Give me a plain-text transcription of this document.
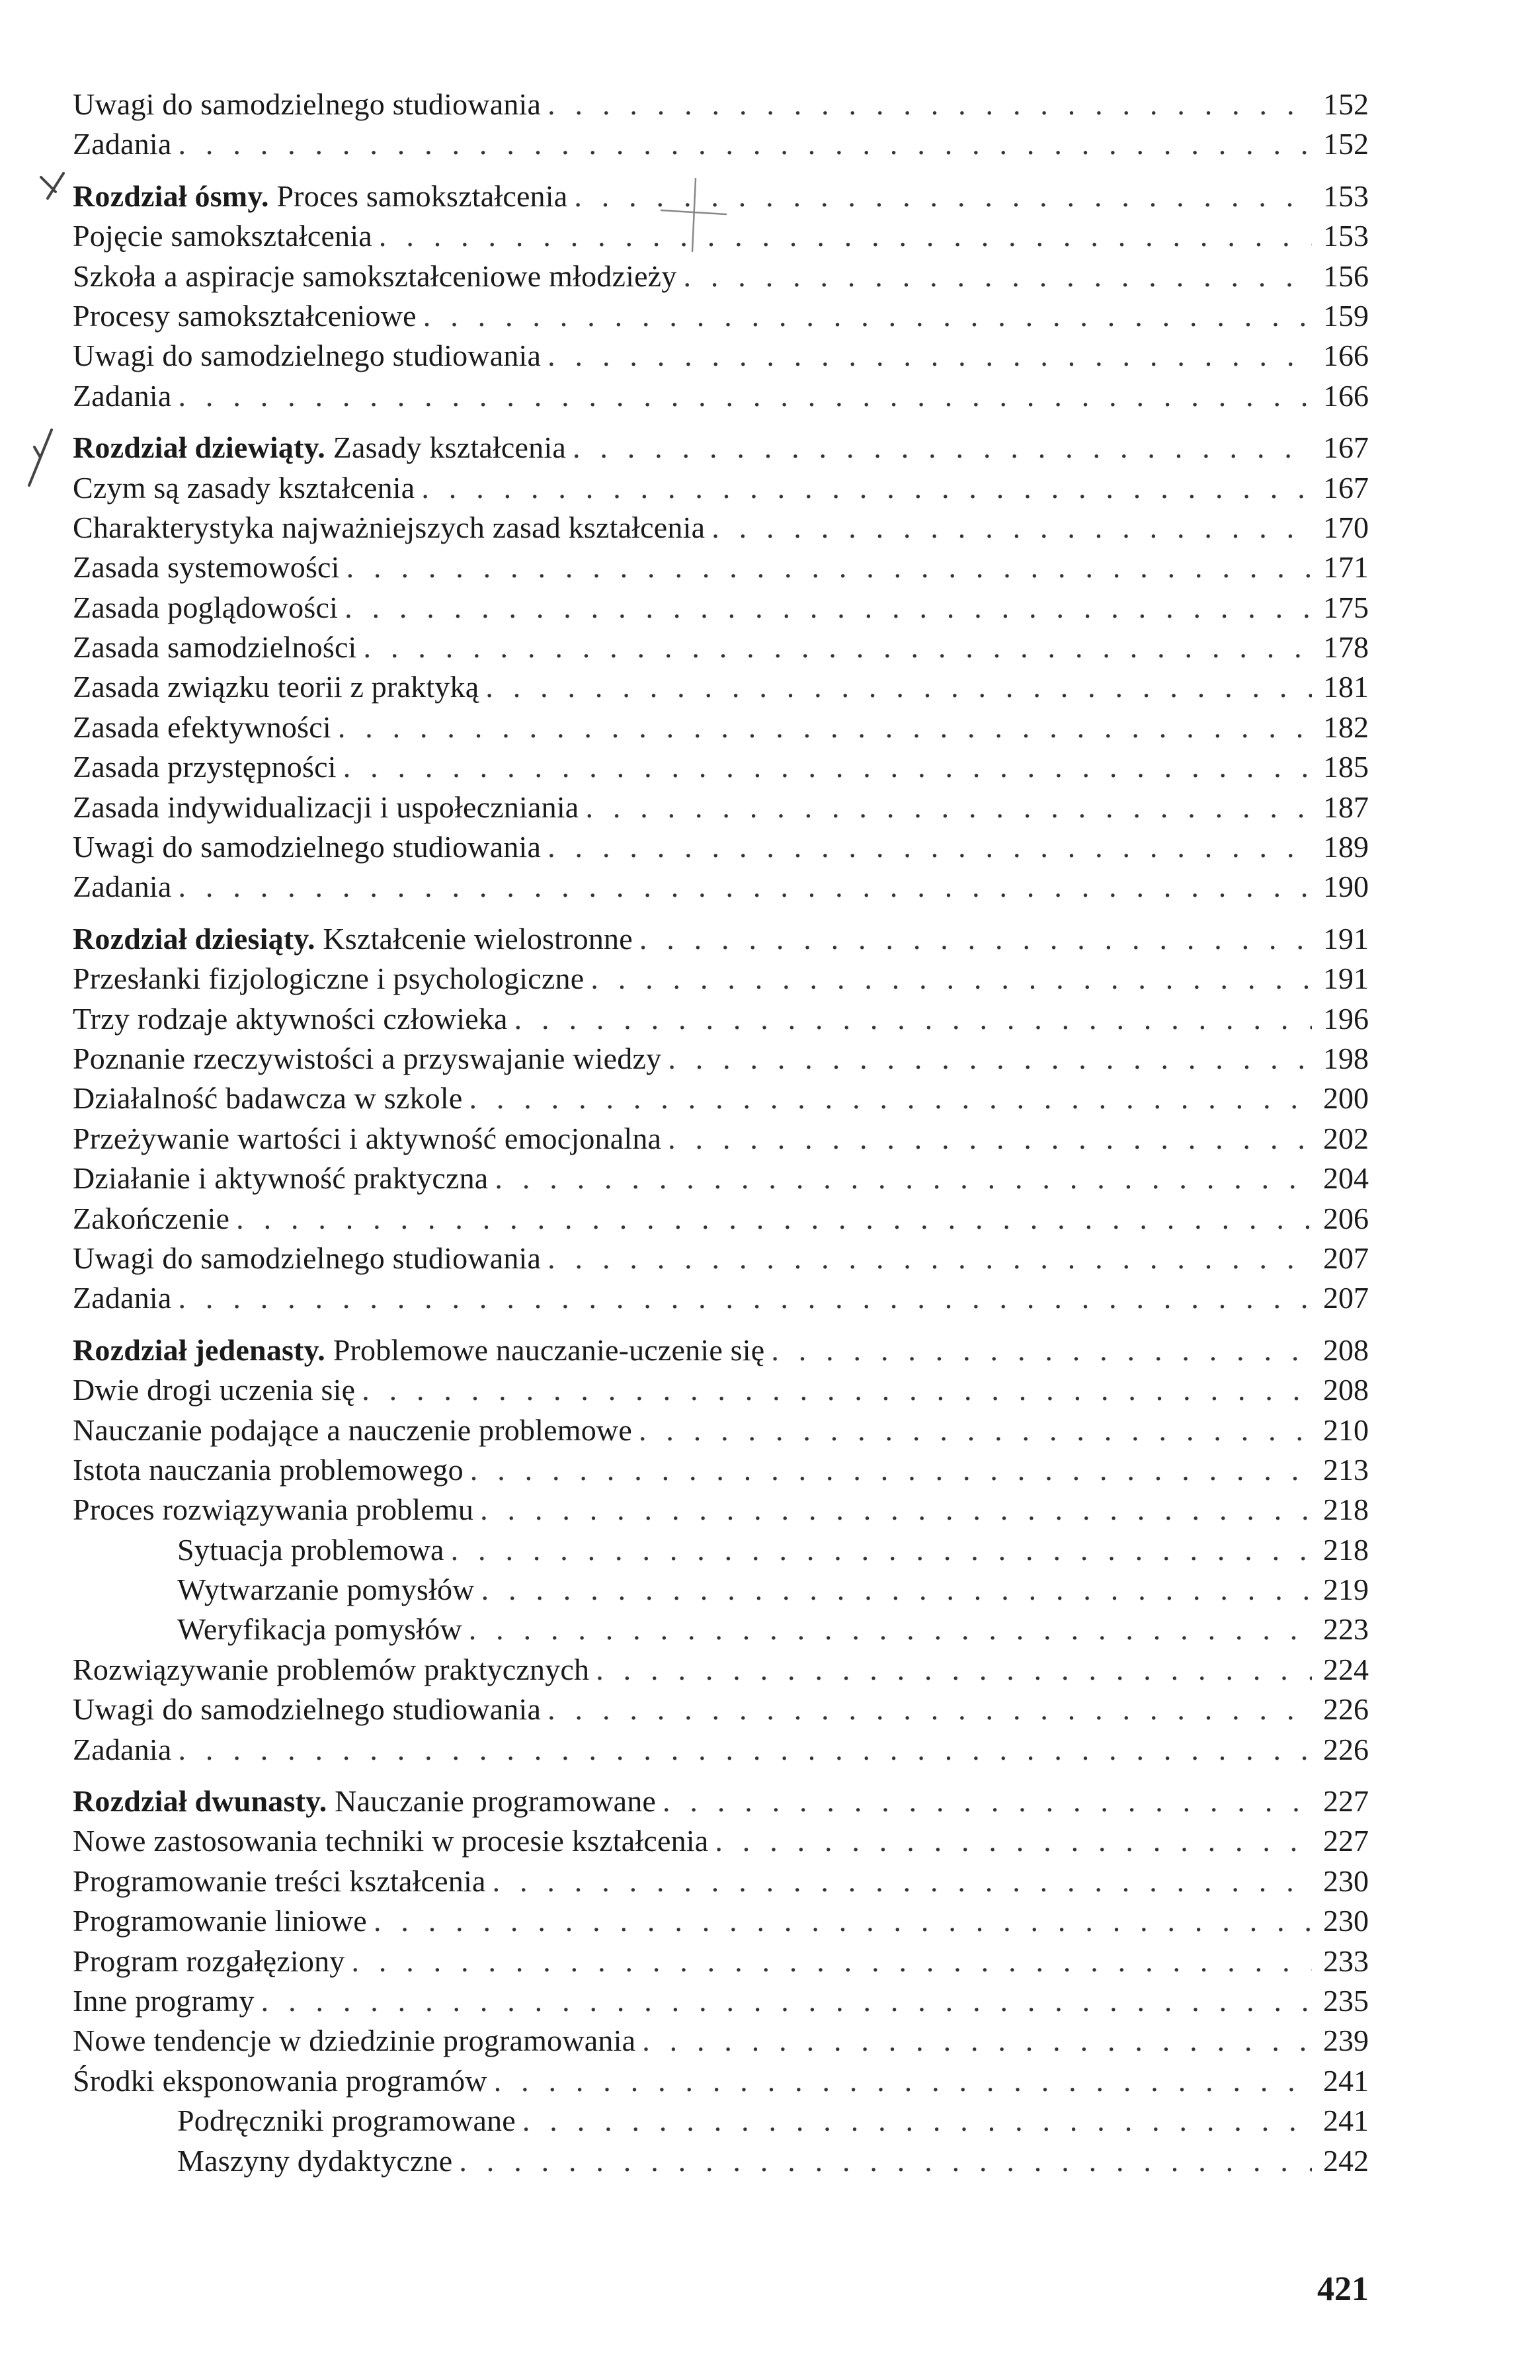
Uwagi do samodzielnego studiowania . . .	152
Zadania . . .	152
Rozdział ósmy. Proces samokształcenia . . .	153
Pojęcie samokształcenia . . .	153
Szkoła a aspiracje samokształceniowe młodzieży . . .	156
Procesy samokształceniowe . . .	159
Uwagi do samodzielnego studiowania . . .	166
Zadania . . .	166
Rozdział dziewiąty. Zasady kształcenia . . .	167
Czym są zasady kształcenia . . .	167
Charakterystyka najważniejszych zasad kształcenia . . .	170
Zasada systemowości . . .	171
Zasada poglądowości . . .	175
Zasada samodzielności . . .	178
Zasada związku teorii z praktyką . . .	181
Zasada efektywności . . .	182
Zasada przystępności . . .	185
Zasada indywidualizacji i uspołeczniania . . .	187
Uwagi do samodzielnego studiowania . . .	189
Zadania . . .	190
Rozdział dziesiąty. Kształcenie wielostronne . . .	191
Przesłanki fizjologiczne i psychologiczne . . .	191
Trzy rodzaje aktywności człowieka . . .	196
Poznanie rzeczywistości a przyswajanie wiedzy . . .	198
Działalność badawcza w szkole . . .	200
Przeżywanie wartości i aktywność emocjonalna . . .	202
Działanie i aktywność praktyczna . . .	204
Zakończenie . . .	206
Uwagi do samodzielnego studiowania . . .	207
Zadania . . .	207
Rozdział jedenasty. Problemowe nauczanie-uczenie się . . .	208
Dwie drogi uczenia się . . .	208
Nauczanie podające a nauczenie problemowe . . .	210
Istota nauczania problemowego . . .	213
Proces rozwiązywania problemu . . .	218
Sytuacja problemowa . . .	218
Wytwarzanie pomysłów . . .	219
Weryfikacja pomysłów . . .	223
Rozwiązywanie problemów praktycznych . . .	224
Uwagi do samodzielnego studiowania . . .	226
Zadania . . .	226
Rozdział dwunasty. Nauczanie programowane . . .	227
Nowe zastosowania techniki w procesie kształcenia . . .	227
Programowanie treści kształcenia . . .	230
Programowanie liniowe . . .	230
Program rozgałęziony . . .	233
Inne programy . . .	235
Nowe tendencje w dziedzinie programowania . . .	239
Środki eksponowania programów . . .	241
Podręczniki programowane . . .	241
Maszyny dydaktyczne . . .	242
421
